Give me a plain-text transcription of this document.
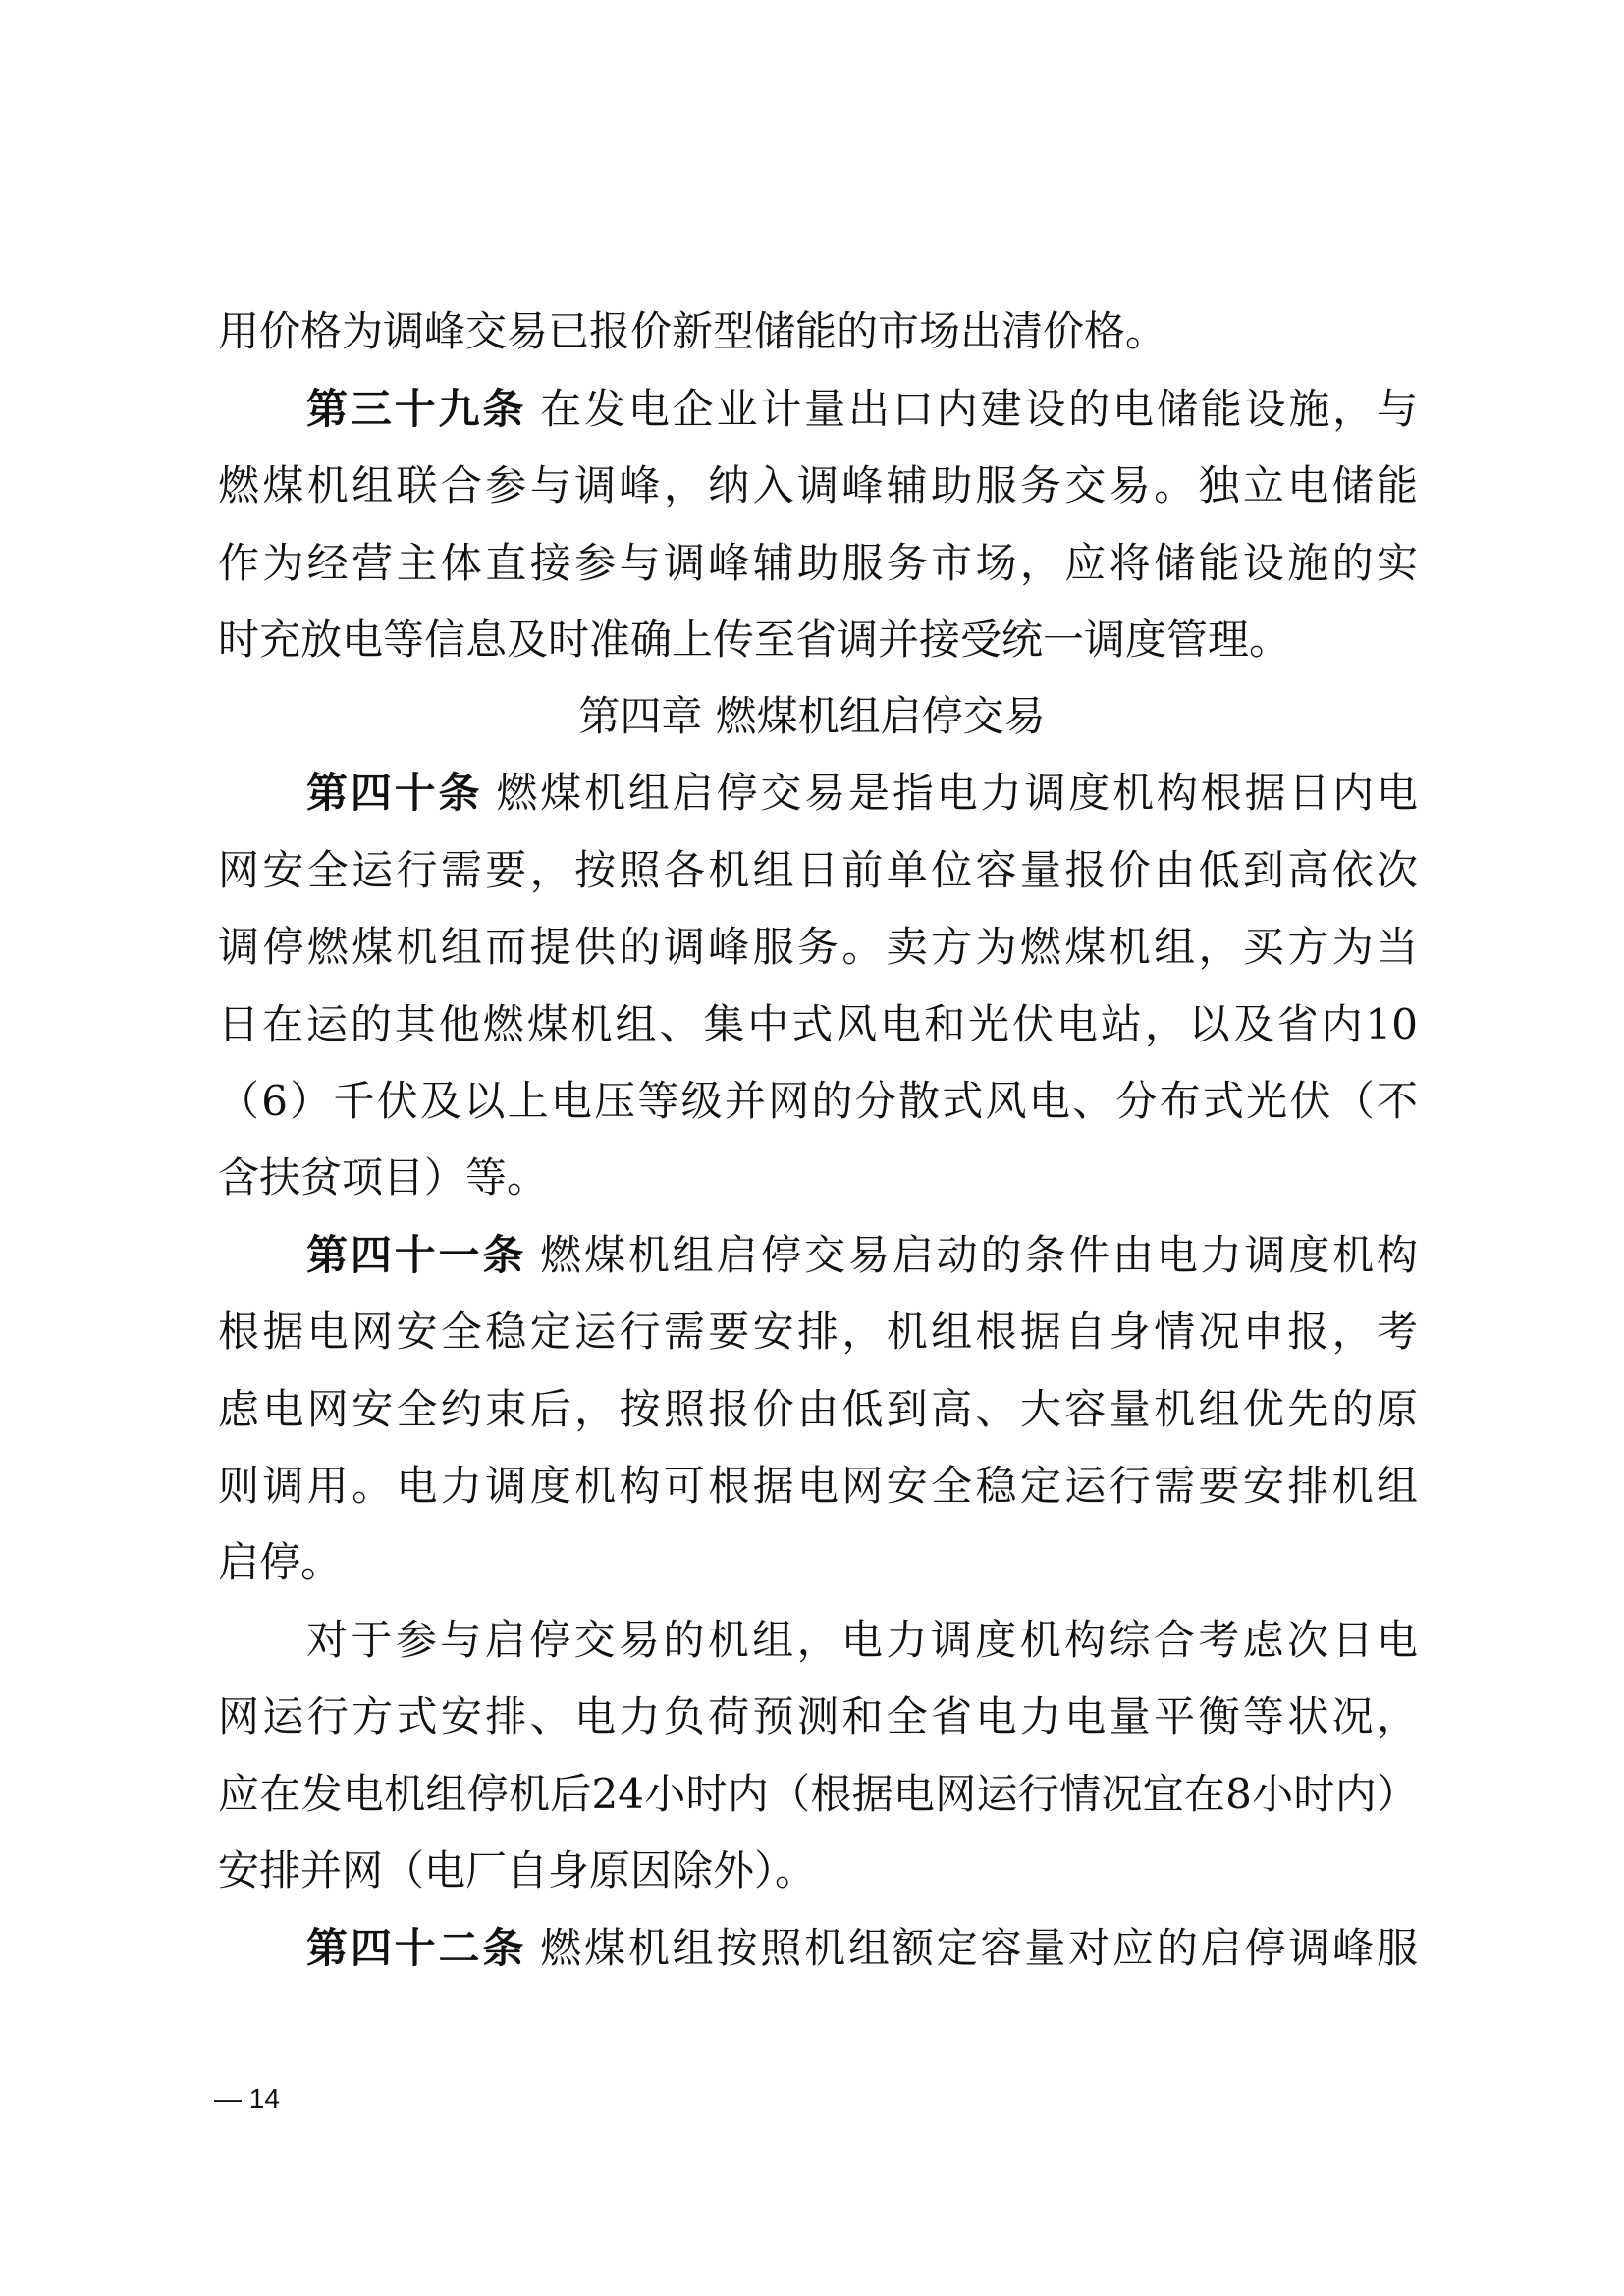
用价格为调峰交易已报价新型储能的市场出清价格。
第三十九条 在发电企业计量出口内建设的电储能设施，与
燃煤机组联合参与调峰，纳入调峰辅助服务交易。独立电储能
作为经营主体直接参与调峰辅助服务市场，应将储能设施的实
时充放电等信息及时准确上传至省调并接受统一调度管理。
第四章 燃煤机组启停交易
第四十条 燃煤机组启停交易是指电力调度机构根据日内电
网安全运行需要，按照各机组日前单位容量报价由低到高依次
调停燃煤机组而提供的调峰服务。卖方为燃煤机组，买方为当
日在运的其他燃煤机组、集中式风电和光伏电站，以及省内10
（6）千伏及以上电压等级并网的分散式风电、分布式光伏（不
含扶贫项目）等。
第四十一条 燃煤机组启停交易启动的条件由电力调度机构
根据电网安全稳定运行需要安排，机组根据自身情况申报，考
虑电网安全约束后，按照报价由低到高、大容量机组优先的原
则调用。电力调度机构可根据电网安全稳定运行需要安排机组
启停。
对于参与启停交易的机组，电力调度机构综合考虑次日电
网运行方式安排、电力负荷预测和全省电力电量平衡等状况，
应在发电机组停机后24小时内（根据电网运行情况宜在8小时内）
安排并网（电厂自身原因除外）。
第四十二条 燃煤机组按照机组额定容量对应的启停调峰服
— 14
